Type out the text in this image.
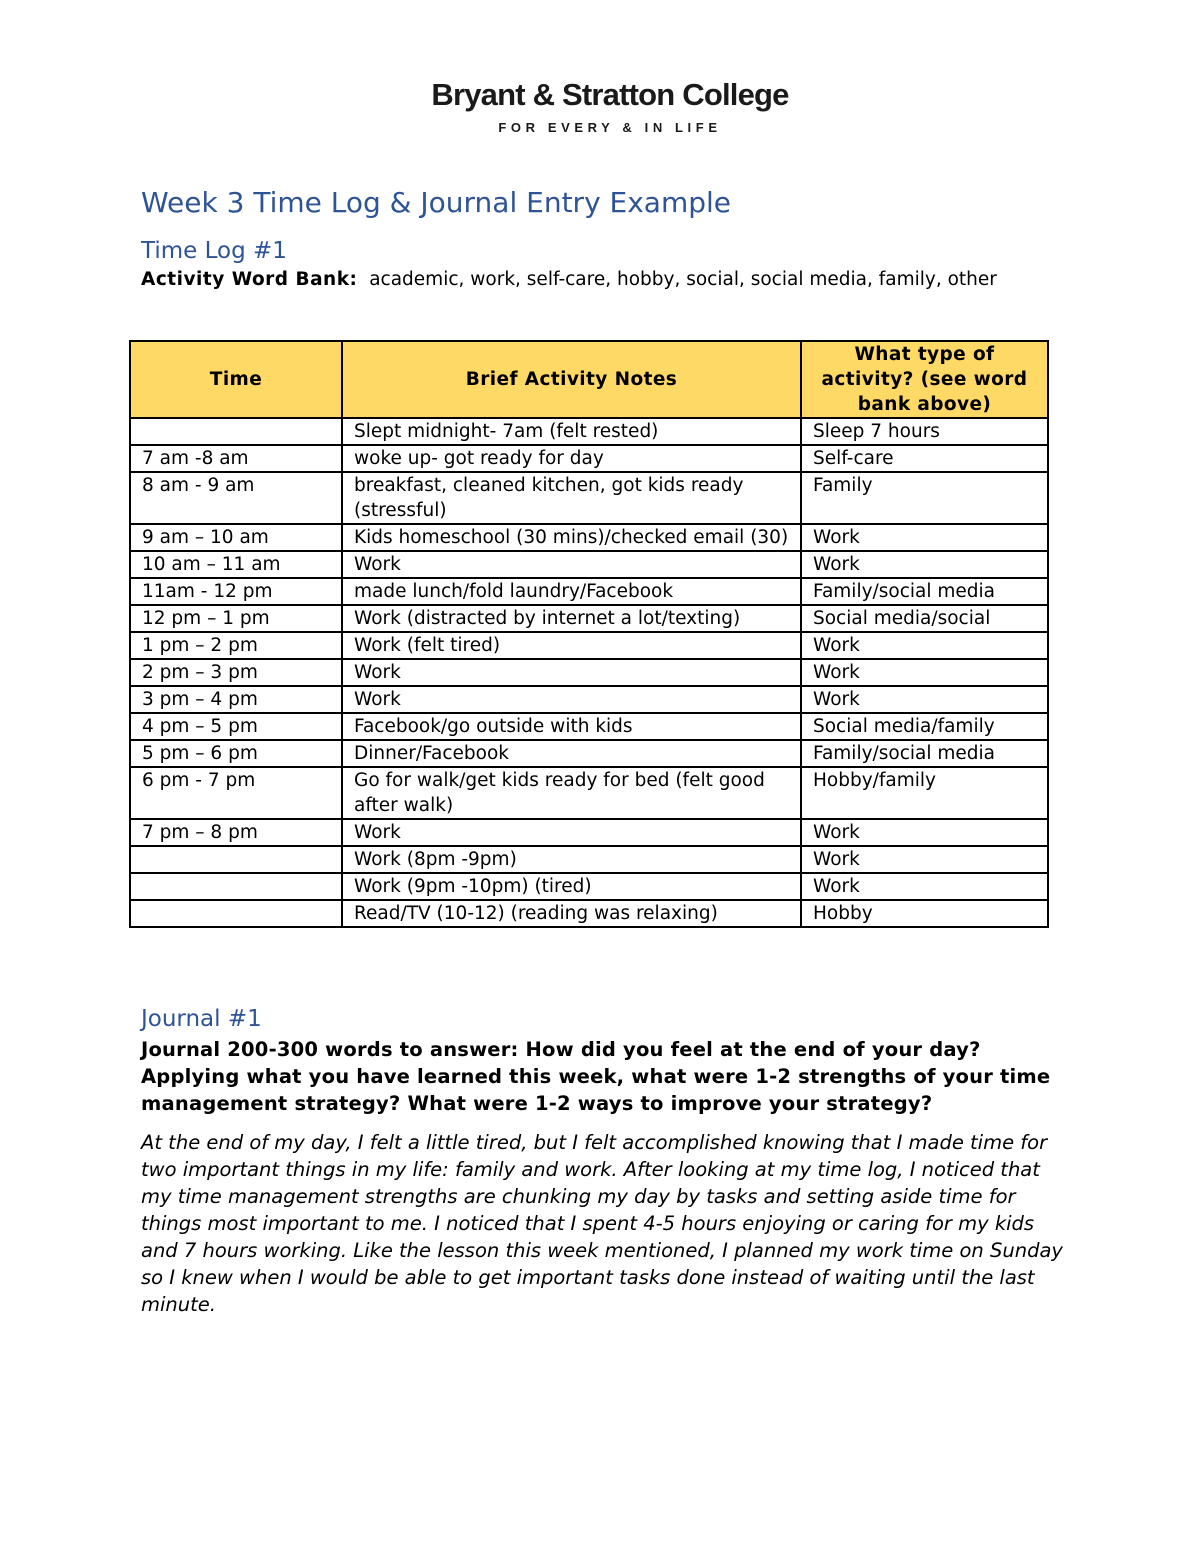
Bryant & Stratton College
FOR EVERY & IN LIFE
Week 3 Time Log & Journal Entry Example
Time Log #1

Activity Word Bank: academic, work, self-care, hobby, social, social media, family, other

Time	Brief Activity Notes	What type of activity? (see word bank above)
	Slept midnight- 7am (felt rested)	Sleep 7 hours
7 am -8 am	woke up- got ready for day	Self-care
8 am - 9 am	breakfast, cleaned kitchen, got kids ready (stressful)	Family
9 am – 10 am	Kids homeschool (30 mins)/checked email (30)	Work
10 am – 11 am	Work	Work
11am - 12 pm	made lunch/fold laundry/Facebook	Family/social media
12 pm – 1 pm	Work (distracted by internet a lot/texting)	Social media/social
1 pm – 2 pm	Work (felt tired)	Work
2 pm – 3 pm	Work	Work
3 pm – 4 pm	Work	Work
4 pm – 5 pm	Facebook/go outside with kids	Social media/family
5 pm – 6 pm	Dinner/Facebook	Family/social media
6 pm - 7 pm	Go for walk/get kids ready for bed (felt good after walk)	Hobby/family
7 pm – 8 pm	Work	Work
	Work (8pm -9pm)	Work
	Work (9pm -10pm) (tired)	Work
	Read/TV (10-12) (reading was relaxing)	Hobby
Journal #1

Journal 200-300 words to answer: How did you feel at the end of your day? Applying what you have learned this week, what were 1-2 strengths of your time management strategy? What were 1-2 ways to improve your strategy?

At the end of my day, I felt a little tired, but I felt accomplished knowing that I made time for two important things in my life: family and work. After looking at my time log, I noticed that my time management strengths are chunking my day by tasks and setting aside time for things most important to me. I noticed that I spent 4-5 hours enjoying or caring for my kids and 7 hours working. Like the lesson this week mentioned, I planned my work time on Sunday so I knew when I would be able to get important tasks done instead of waiting until the last minute.
